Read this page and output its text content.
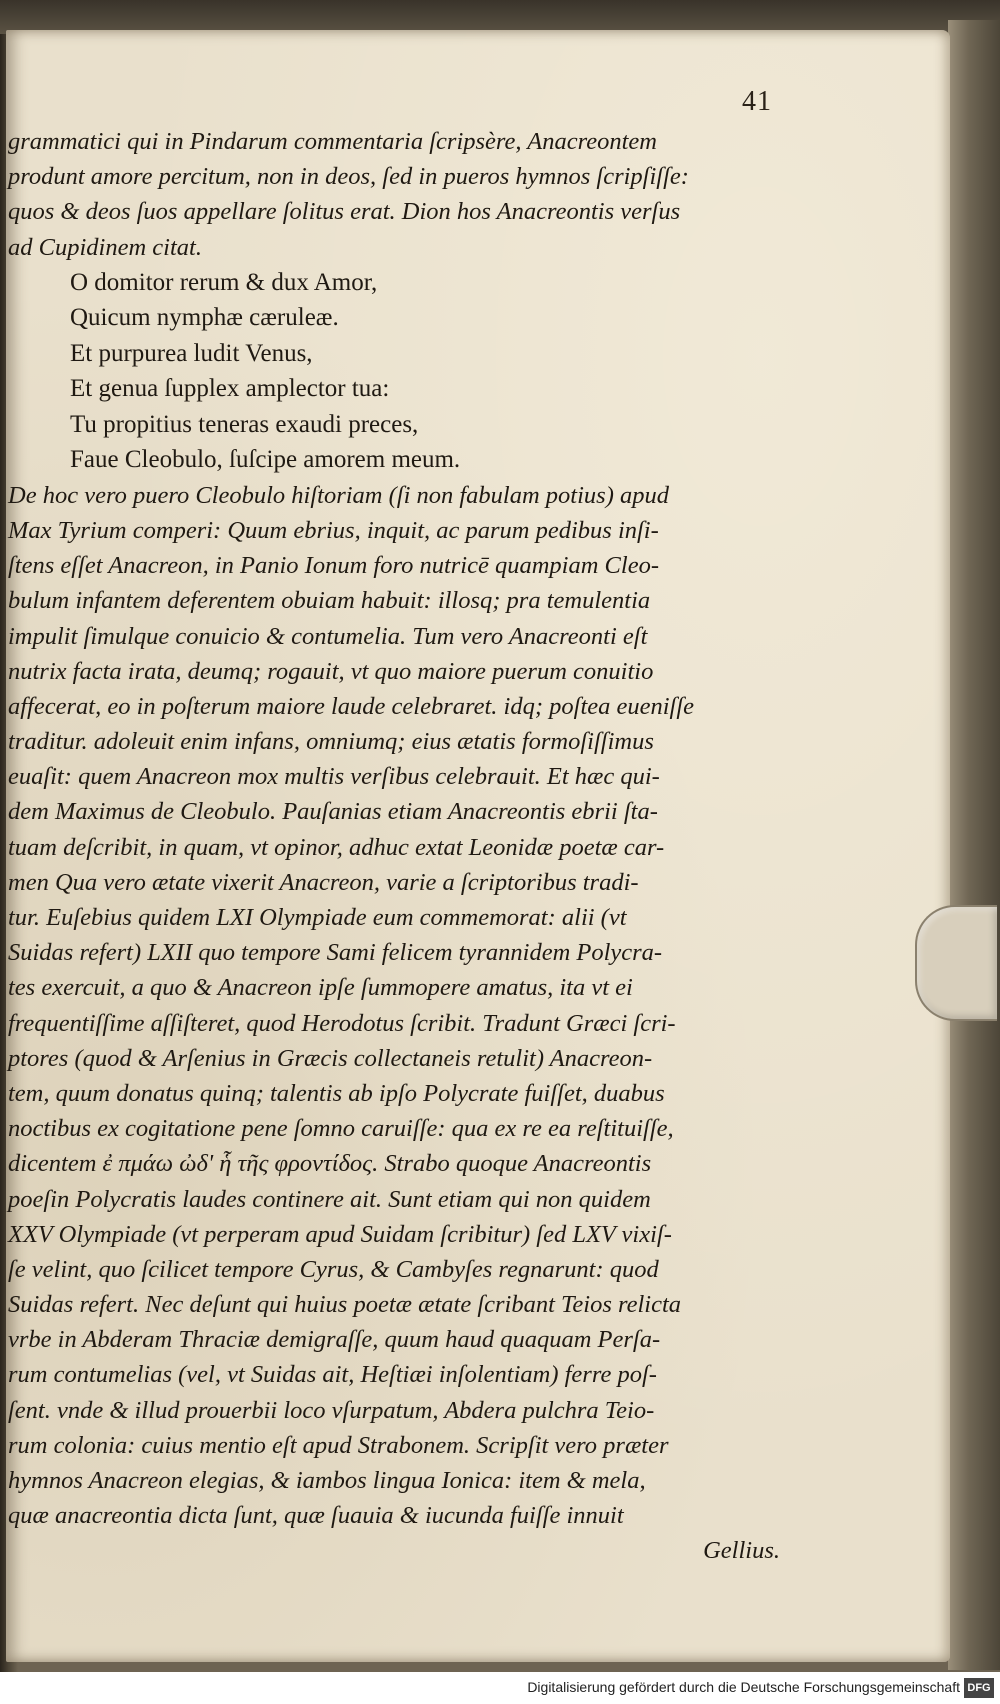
41
grammatici qui in Pindarum commentaria ſcripsère, Anacreontem
produnt amore percitum, non in deos, ſed in pueros hymnos ſcripſiſſe:
quos & deos ſuos appellare ſolitus erat. Dion hos Anacreontis verſus
ad Cupidinem citat.
O domitor rerum & dux Amor,
Quicum nymphæ cæruleæ.
Et purpurea ludit Venus,
Et genua ſupplex amplector tua:
Tu propitius teneras exaudi preces,
Faue Cleobulo, ſuſcipe amorem meum.
De hoc vero puero Cleobulo hiſtoriam (ſi non fabulam potius) apud
Max Tyrium comperi: Quum ebrius, inquit, ac parum pedibus inſi-
ſtens eſſet Anacreon, in Panio Ionum foro nutricē quampiam Cleo-
bulum infantem deferentem obuiam habuit: illosq; pra temulentia
impulit ſimulque conuicio & contumelia. Tum vero Anacreonti eſt
nutrix facta irata, deumq; rogauit, vt quo maiore puerum conuitio
affecerat, eo in poſterum maiore laude celebraret. idq; poſtea eueniſſe
traditur. adoleuit enim infans, omniumq; eius ætatis formoſiſſimus
euaſit: quem Anacreon mox multis verſibus celebrauit. Et hæc qui-
dem Maximus de Cleobulo. Pauſanias etiam Anacreontis ebrii ſta-
tuam deſcribit, in quam, vt opinor, adhuc extat Leonidæ poetæ car-
men Qua vero ætate vixerit Anacreon, varie a ſcriptoribus tradi-
tur. Euſebius quidem LXI Olympiade eum commemorat: alii (vt
Suidas refert) LXII quo tempore Sami felicem tyrannidem Polycra-
tes exercuit, a quo & Anacreon ipſe ſummopere amatus, ita vt ei
frequentiſſime aſſiſteret, quod Herodotus ſcribit. Tradunt Græci ſcri-
ptores (quod & Arſenius in Græcis collectaneis retulit) Anacreon-
tem, quum donatus quinq; talentis ab ipſo Polycrate fuiſſet, duabus
noctibus ex cogitatione pene ſomno caruiſſe: qua ex re ea reſtituiſſe,
dicentem ἐ πμάω ὠδ' ἧ τῆς φροντίδος. Strabo quoque Anacreontis
poeſin Polycratis laudes continere ait. Sunt etiam qui non quidem
XXV Olympiade (vt perperam apud Suidam ſcribitur) ſed LXV vixiſ-
ſe velint, quo ſcilicet tempore Cyrus, & Cambyſes regnarunt: quod
Suidas refert. Nec deſunt qui huius poetæ ætate ſcribant Teios relicta
vrbe in Abderam Thraciæ demigraſſe, quum haud quaquam Perſa-
rum contumelias (vel, vt Suidas ait, Heſtiæi inſolentiam) ferre poſ-
ſent. vnde & illud prouerbii loco vſurpatum, Abdera pulchra Teio-
rum colonia: cuius mentio eſt apud Strabonem. Scripſit vero præter
hymnos Anacreon elegias, & iambos lingua Ionica: item & mela,
quæ anacreontia dicta ſunt, quæ ſuauia & iucunda fuiſſe innuit
Gellius.
Digitalisierung gefördert durch die Deutsche Forschungsgemeinschaft DFG
